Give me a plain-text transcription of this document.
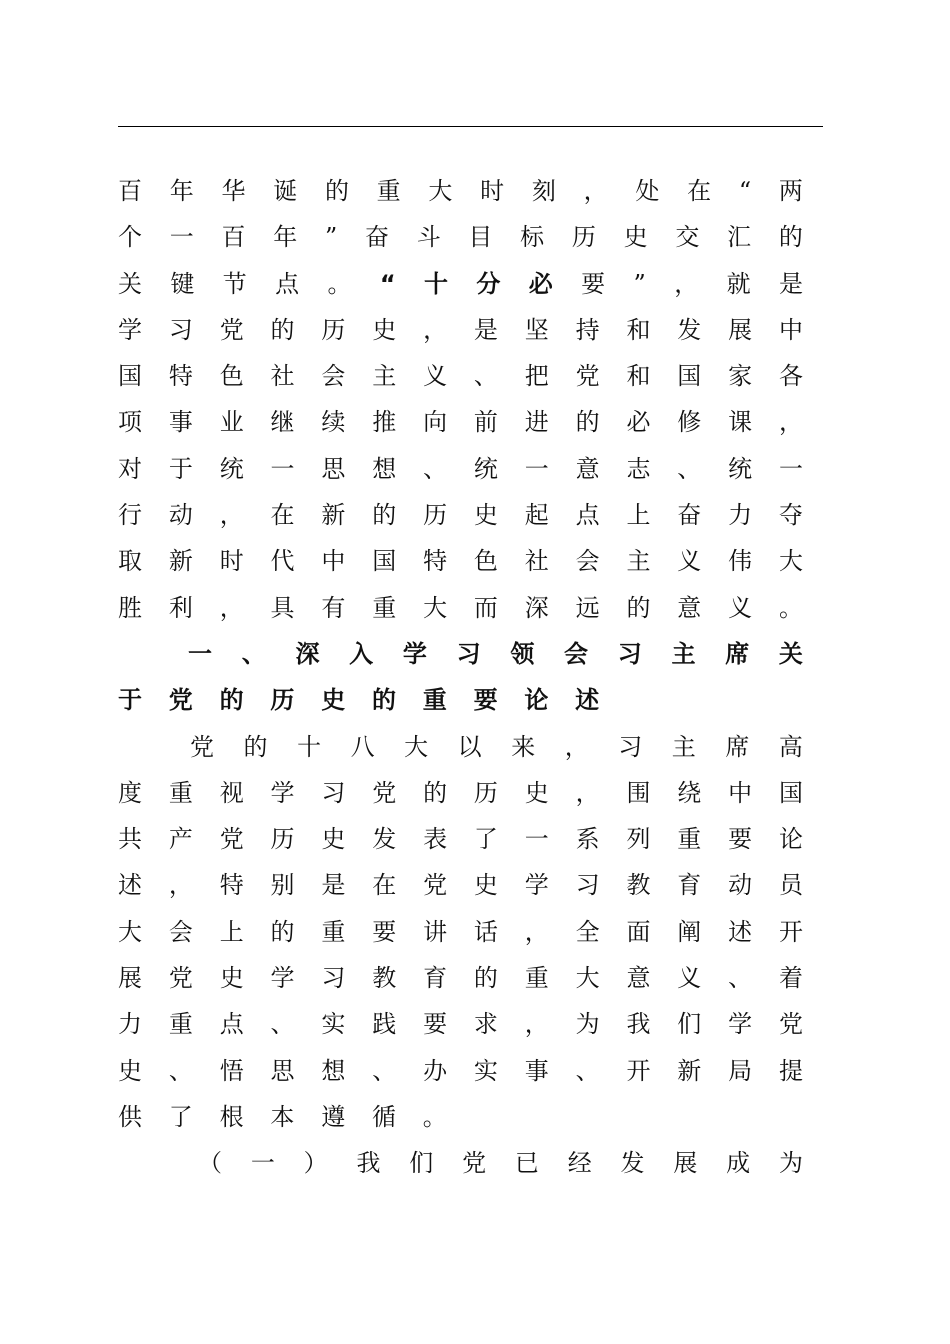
百 年 华 诞 的 重 大 时 刻 ， 处 在 “ 两
个 一 百 年 ” 奋 斗 目 标 历 史 交 汇 的
关 键 节 点 。 “ 十 分 必 要 ” ， 就 是
学 习 党 的 历 史 ， 是 坚 持 和 发 展 中
国 特 色 社 会 主 义 、 把 党 和 国 家 各
项 事 业 继 续 推 向 前 进 的 必 修 课 ，
对 于 统 一 思 想 、 统 一 意 志 、 统 一
行 动 ， 在 新 的 历 史 起 点 上 奋 力 夺
取 新 时 代 中 国 特 色 社 会 主 义 伟 大
胜 利 ， 具 有 重 大 而 深 远 的 意 义 。
一 、 深 入 学 习 领 会 习 主 席 关
于 党 的 历 史 的 重 要 论 述
党 的 十 八 大 以 来 ， 习 主 席 高
度 重 视 学 习 党 的 历 史 ， 围 绕 中 国
共 产 党 历 史 发 表 了 一 系 列 重 要 论
述 ， 特 别 是 在 党 史 学 习 教 育 动 员
大 会 上 的 重 要 讲 话 ， 全 面 阐 述 开
展 党 史 学 习 教 育 的 重 大 意 义 、 着
力 重 点 、 实 践 要 求 ， 为 我 们 学 党
史 、 悟 思 想 、 办 实 事 、 开 新 局 提
供 了 根 本 遵 循 。
（ 一 ） 我 们 党 已 经 发 展 成 为
